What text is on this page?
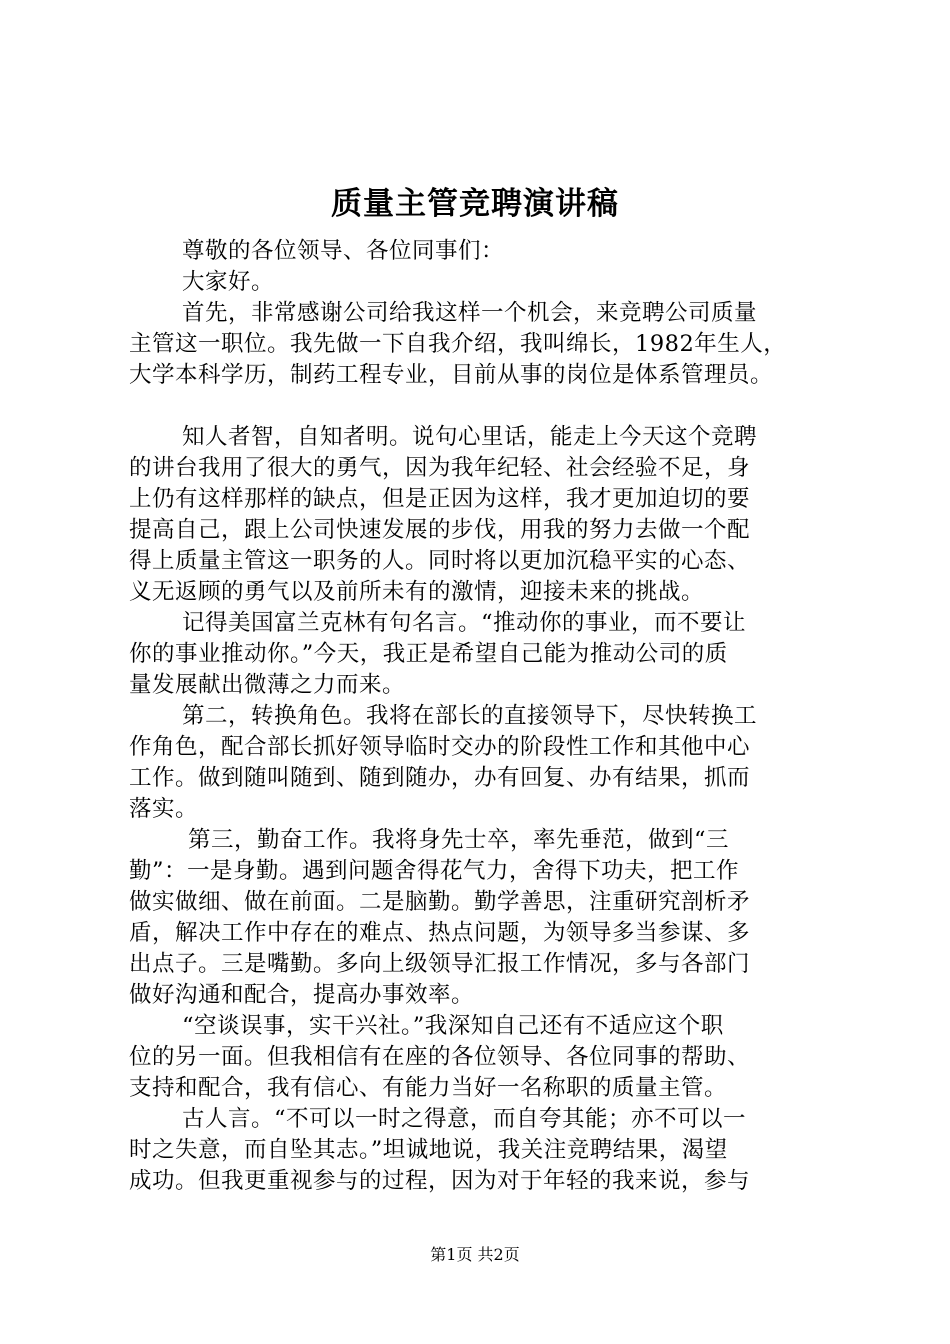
质量主管竞聘演讲稿
尊敬的各位领导、各位同事们：
大家好。
首先，非常感谢公司给我这样一个机会，来竞聘公司质量
主管这一职位。我先做一下自我介绍，我叫绵长，1982年生人，
大学本科学历，制药工程专业，目前从事的岗位是体系管理员。
知人者智，自知者明。说句心里话，能走上今天这个竞聘
的讲台我用了很大的勇气，因为我年纪轻、社会经验不足，身
上仍有这样那样的缺点，但是正因为这样，我才更加迫切的要
提高自己，跟上公司快速发展的步伐，用我的努力去做一个配
得上质量主管这一职务的人。同时将以更加沉稳平实的心态、
义无返顾的勇气以及前所未有的激情，迎接未来的挑战。
记得美国富兰克林有句名言。“推动你的事业，而不要让
你的事业推动你。”今天，我正是希望自己能为推动公司的质
量发展献出微薄之力而来。
第二，转换角色。我将在部长的直接领导下，尽快转换工
作角色，配合部长抓好领导临时交办的阶段性工作和其他中心
工作。做到随叫随到、随到随办，办有回复、办有结果，抓而
落实。
第三，勤奋工作。我将身先士卒，率先垂范，做到“三
勤”：一是身勤。遇到问题舍得花气力，舍得下功夫，把工作
做实做细、做在前面。二是脑勤。勤学善思，注重研究剖析矛
盾，解决工作中存在的难点、热点问题，为领导多当参谋、多
出点子。三是嘴勤。多向上级领导汇报工作情况，多与各部门
做好沟通和配合，提高办事效率。
“空谈误事，实干兴社。”我深知自己还有不适应这个职
位的另一面。但我相信有在座的各位领导、各位同事的帮助、
支持和配合，我有信心、有能力当好一名称职的质量主管。
古人言。“不可以一时之得意，而自夸其能；亦不可以一
时之失意，而自坠其志。”坦诚地说，我关注竞聘结果，渴望
成功。但我更重视参与的过程，因为对于年轻的我来说，参与
第1页 共2页
